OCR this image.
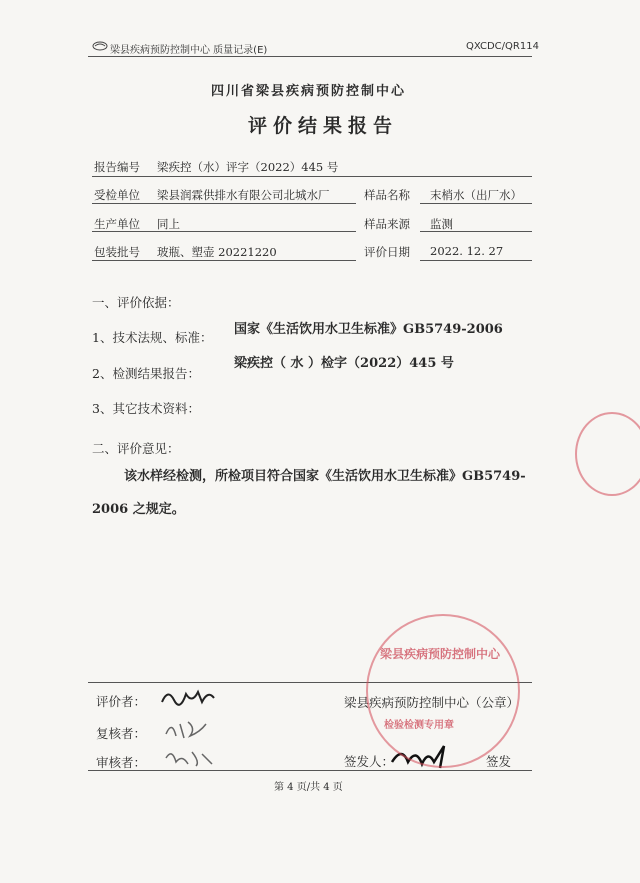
梁县疾病预防控制中心 质量记录(E)	QXCDC/QR114
四川省梁县疾病预防控制中心
评价结果报告
报告编号 梁疾控（水）评字（2022）445 号
受检单位 梁县润霖供排水有限公司北城水厂	样品名称 末梢水（出厂水）
生产单位 同上	样品来源 监测
包装批号 玻瓶、塑壶 20221220	评价日期 2022. 12. 27
一、评价依据：
1、技术法规、标准：
国家《生活饮用水卫生标准》GB5749-2006
2、检测结果报告：
梁疾控（ 水 ）检字（2022）445 号
3、其它技术资料：
二、评价意见：
该水样经检测，所检项目符合国家《生活饮用水卫生标准》GB5749-
2006 之规定。
评价者：
复核者：
审核者：
梁县疾病预防控制中心（公章）
签发人：	签发
梁县疾病预防控制中心
检验检测专用章
第 4 页/共 4 页
